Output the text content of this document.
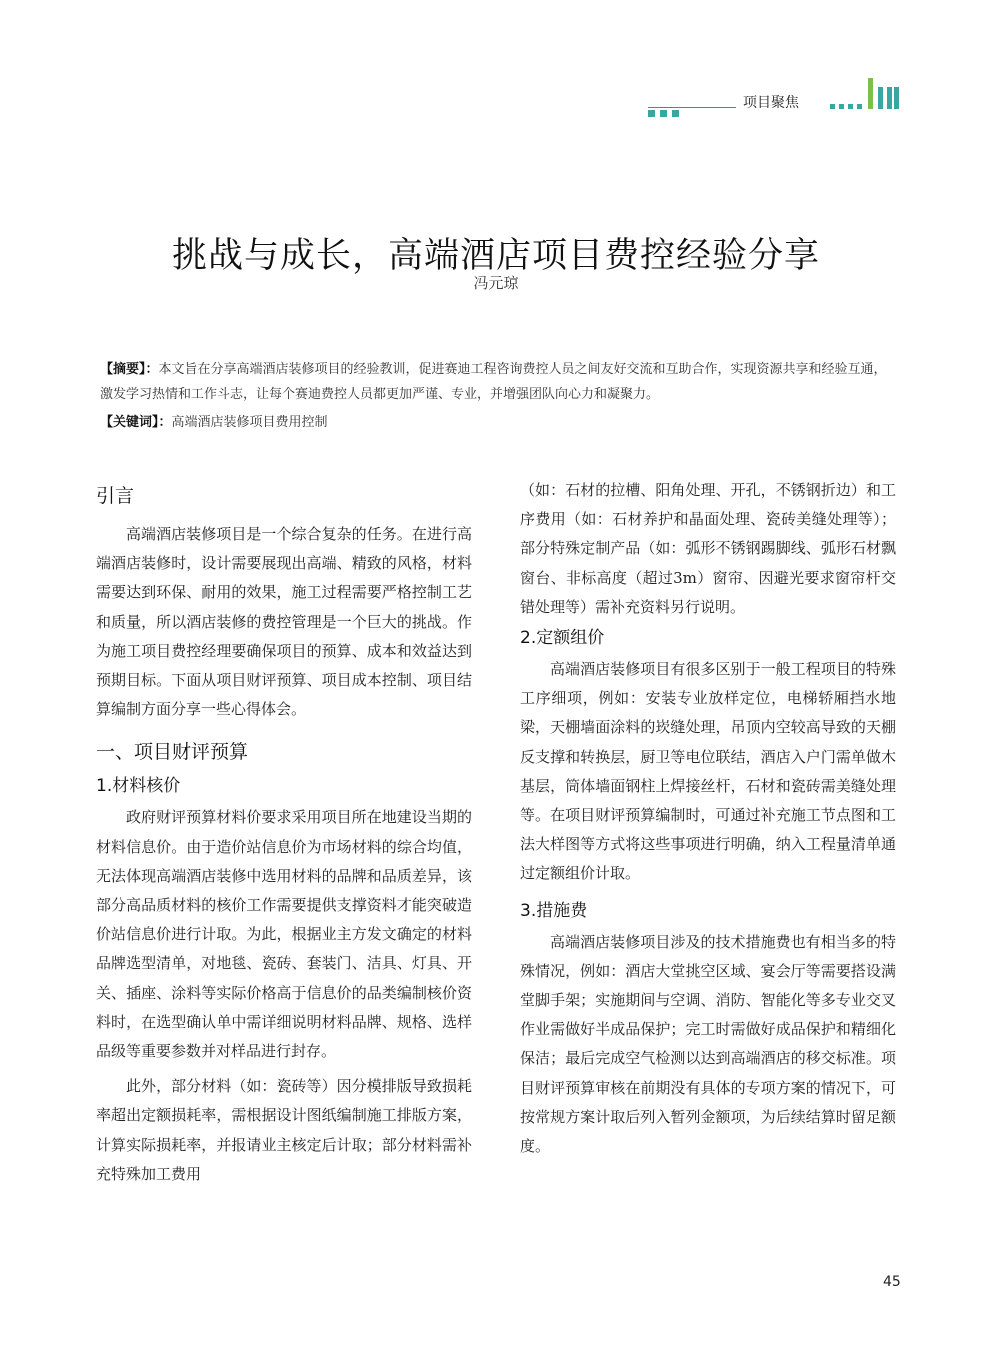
项目聚焦
挑战与成长，高端酒店项目费控经验分享
冯元琼
【摘要】：本文旨在分享高端酒店装修项目的经验教训，促进赛迪工程咨询费控人员之间友好交流和互助合作，实现资源共享和经验互通，激发学习热情和工作斗志，让每个赛迪费控人员都更加严谨、专业，并增强团队向心力和凝聚力。
【关键词】：高端酒店装修项目费用控制
引言

高端酒店装修项目是一个综合复杂的任务。在进行高端酒店装修时，设计需要展现出高端、精致的风格，材料需要达到环保、耐用的效果，施工过程需要严格控制工艺和质量，所以酒店装修的费控管理是一个巨大的挑战。作为施工项目费控经理要确保项目的预算、成本和效益达到预期目标。下面从项目财评预算、项目成本控制、项目结算编制方面分享一些心得体会。

一、项目财评预算
1.材料核价

政府财评预算材料价要求采用项目所在地建设当期的材料信息价。由于造价站信息价为市场材料的综合均值，无法体现高端酒店装修中选用材料的品牌和品质差异，该部分高品质材料的核价工作需要提供支撑资料才能突破造价站信息价进行计取。为此，根据业主方发文确定的材料品牌选型清单，对地毯、瓷砖、套装门、洁具、灯具、开关、插座、涂料等实际价格高于信息价的品类编制核价资料时，在选型确认单中需详细说明材料品牌、规格、选样品级等重要参数并对样品进行封存。

此外，部分材料（如：瓷砖等）因分模排版导致损耗率超出定额损耗率，需根据设计图纸编制施工排版方案，计算实际损耗率，并报请业主核定后计取；部分材料需补充特殊加工费用

（如：石材的拉槽、阳角处理、开孔，不锈钢折边）和工序费用（如：石材养护和晶面处理、瓷砖美缝处理等）；部分特殊定制产品（如：弧形不锈钢踢脚线、弧形石材飘窗台、非标高度（超过3m）窗帘、因避光要求窗帘杆交错处理等）需补充资料另行说明。

2.定额组价

高端酒店装修项目有很多区别于一般工程项目的特殊工序细项，例如：安装专业放样定位，电梯轿厢挡水地梁，天棚墙面涂料的崁缝处理，吊顶内空较高导致的天棚反支撑和转换层，厨卫等电位联结，酒店入户门需单做木基层，筒体墙面钢柱上焊接丝杆，石材和瓷砖需美缝处理等。在项目财评预算编制时，可通过补充施工节点图和工法大样图等方式将这些事项进行明确，纳入工程量清单通过定额组价计取。

3.措施费

高端酒店装修项目涉及的技术措施费也有相当多的特殊情况，例如：酒店大堂挑空区域、宴会厅等需要搭设满堂脚手架；实施期间与空调、消防、智能化等多专业交叉作业需做好半成品保护；完工时需做好成品保护和精细化保洁；最后完成空气检测以达到高端酒店的移交标准。项目财评预算审核在前期没有具体的专项方案的情况下，可按常规方案计取后列入暂列金额项，为后续结算时留足额度。

45
